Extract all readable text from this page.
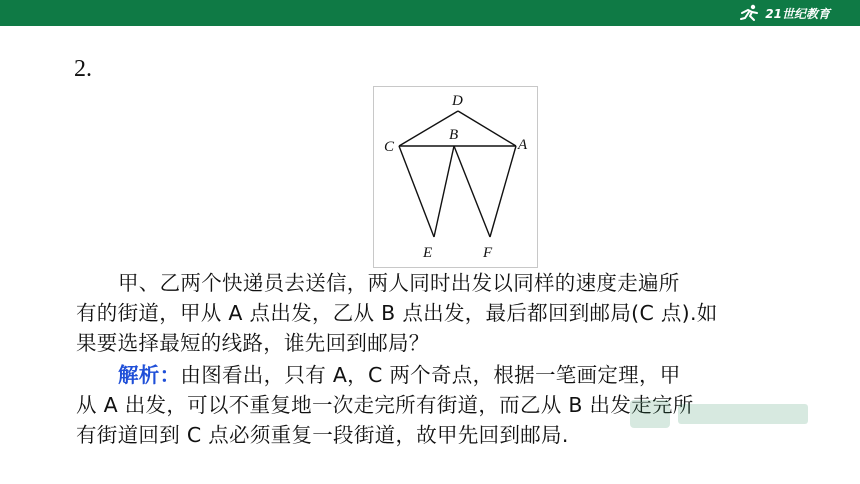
21世纪教育
2.
D
B
C	A
E	F
甲、乙两个快递员去送信，两人同时出发以同样的速度走遍所
有的街道，甲从 A 点出发，乙从 B 点出发，最后都回到邮局(C 点).如
果要选择最短的线路，谁先回到邮局？
解析：由图看出，只有 A，C 两个奇点，根据一笔画定理，甲
从 A 出发，可以不重复地一次走完所有街道，而乙从 B 出发走完所
有街道回到 C 点必须重复一段街道，故甲先回到邮局.
